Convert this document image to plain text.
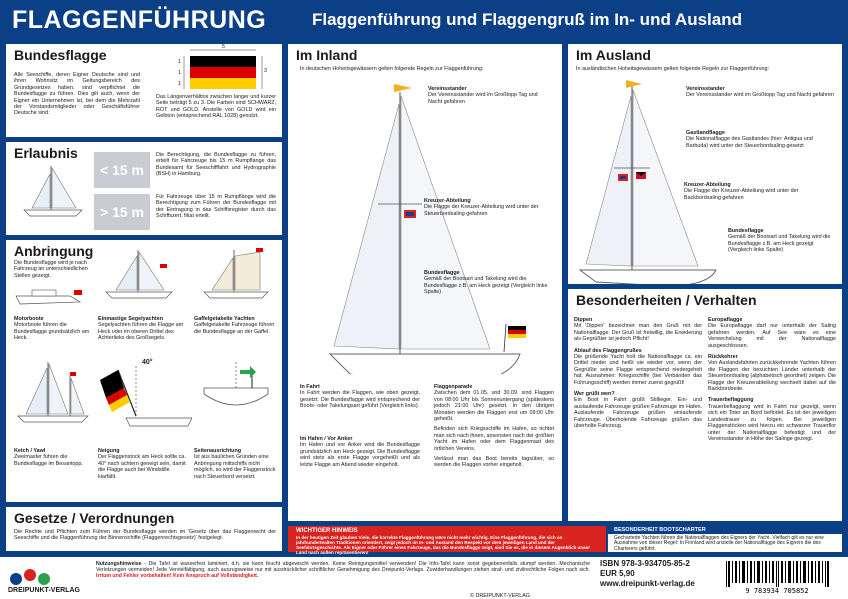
FLAGGENFÜHRUNG	Flaggenführung und Flaggengruß im In- und Ausland
Bundesflagge
Alle Seeschiffe, deren Eigner Deutsche sind und ihren Wohnsitz im Geltungsbereich des Grundgesetzes haben, sind verpflichtet die Bundesflagge zu führen. Dies gilt auch, wenn der Eigner ein Unternehmen ist, bei dem die Mehrzahl der Vorstandsmitglieder oder Geschäftsführer Deutsche sind.
5
3
1
1
1
Das Längenverhältnis zwischen langer und kurzer Seite beträgt 5 zu 3. Die Farben sind SCHWARZ, ROT und GOLD. Anstelle von GOLD wird ein Gelbton (entsprechend RAL 1028) genutzt.
Erlaubnis
< 15 m
> 15 m
Die Berechtigung, die Bundesflagge zu führen, erteilt für Fahrzeuge bis 15 m Rumpflänge das Bundesamt für Seeschifffahrt und Hydrographie (BSH) in Hamburg.
Für Fahrzeuge über 15 m Rumpflänge wird die Berechtigung zum Führen der Bundesflagge mit der Eintragung in das Schiffsregister durch das Schiffszert. fikat erteilt.
Anbringung
Die Bundesflagge wird je nach Fahrzeug an unterschiedlichen Stellen gezeigt.
Motorboote
Motorboote führen die Bundesflagge grundsätzlich am Heck.
Einmastige Segelyachten
Segelyachten führen die Flagge am Heck oder im oberen Drittel des Achterlieks des Großsegels.
Gaffelgetakelte Yachten
Gaffelgetakelte Fahrzeuge führen die Bundesflagge an der Gaffel.
40°
Ketch / Yawl
Zweimaster führen die Bundesflagge im Besantopp.
Neigung
Der Flaggenstock am Heck sollte ca. 40° nach achtern geneigt sein, damit die Flagge auch bei Windstille klarfällt.
Seitenausrichtung
Ist aus baulichen Gründen eine Anbringung mittschiffs nicht möglich, so wird der Flaggenstock nach Steuerbord versetzt.
Gesetze / Verordnungen
Die Rechte und Pflichten zum Führen der Bundesflagge werden im 'Gesetz über das Flaggenrecht der Seeschiffe und die Flaggenführung der Binnenschiffe (Flaggenrechtsgesetz)' festgelegt.
Im Inland
In deutschen Hoheitsgewässern gelten folgende Regeln zur Flaggenführung:
Vereinsstander
Der Vereinsstander wird im Großtopp Tag und Nacht gefahren
Kreuzer-Abteilung
Die Flagge der Kreuzer-Abteilung wird unter der Steuerbordsaling gefahren
Bundesflagge
Gemäß der Bootsart und Takelung wird die Bundesflagge z.B. am Heck gezeigt (Vergleich linke Spalte)
In Fahrt
In Fahrt werden die Flaggen, wie oben gezeigt, gesetzt. Die Bundesflagge wird entsprechend der Boots- oder Takelungsart geführt (Vergleich links).
Im Hafen / Vor Anker
Im Hafen und vor Anker wird die Bundesflagge grundsätzlich am Heck gezeigt. Die Bundesflagge wird stets als erste Flagge vorgeheißt und als letzte Flagge am Abend wieder eingeholt.
Flaggenparade
Zwischen dem 01.05. und 30.09. sind Flaggen von 08:00 Uhr bis Sonnenuntergang (spätestens jedoch 21:00 Uhr) gesetzt. In den übrigen Monaten werden die Flaggen erst um 09:00 Uhr geheißt.
Befinden sich Kriegsschiffe im Hafen, so richtet man sich nach ihnen, ansonsten nach der größten Yacht im Hafen oder dem Flaggenmast des örtlichen Vereins.
Verlässt man das Boot bereits tagsüber, so werden die Flaggen vorher eingeholt.
WICHTIGER HINWEIS
In der heutigen Zeit glauben Viele, die korrekte Flaggenführung wäre nicht mehr wichtig. Eine Flaggenführung, die sich an jahrhundertealten Traditionen orientiert, zeigt jedoch im In- und Ausland den Respekt vor dem jeweiligen Land und der Seefahrtsgeschichte. Als Eigner oder Führer eines Fahrzeugs, das die Bundesflagge zeigt, sind Sie es, die in diesem Augenblick unser Land nach außen repräsentieren!
Im Ausland
In ausländischen Hoheitsgewässern gelten folgende Regeln zur Flaggenführung:
Vereinsstander
Der Vereinsstander wird im Großtopp Tag und Nacht gefahren
Gastlandflagge
Die Nationalflagge des Gastlandes (hier: Antigua und Barbuda) wird unter der Steuerbordsaling gesetzt
Kreuzer-Abteilung
Die Flagge der Kreuzer-Abteilung wird unter der Backbordsaling gefahren
Bundesflagge
Gemäß der Bootsart und Takelung wird die Bundesflagge z.B. am Heck gezeigt (Vergleich linke Spalte)
Besonderheiten / Verhalten
Dippen
Mit 'Dippen' bezeichnet man den Gruß mit der Nationalflagge. Der Gruß ist freiwillig, die Erwiderung als Gegrüßter ist jedoch Pflicht!
Ablauf des Flaggengrußes
Die grüßende Yacht holt die Nationalflagge ca. ein Drittel nieder und heißt sie wieder vor, wenn der Gegrüßte seine Flagge entsprechend niedergeholt hat. Ausnahmen: Kriegsschiffe (bei Verbänden das Führungsschiff) werden immer zuerst gegrüßt!
Wer grüßt wen?
Ein Boot in Fahrt grüßt Stillieger. Ein- und auslaufende Fahrzeuge grüßen Fahrzeuge im Hafen. Auslaufende Fahrzeuge grüßen einlaufende Fahrzeuge. Überholende Fahrzeuge grüßen das überholte Fahrzeug.
Europaflagge
Die Europaflagge darf nur unterhalb der Saling gefahren werden. Auf See wäre es eine Verwechslung mit der Nationalflagge ausgeschlossen.
Rückkehrer
Von Auslandsfahrten zurückkehrende Yachten führen die Flaggen der besuchten Länder unterhalb der Steuerbordsaling (alphabetisch geordnet) zeigen. Die Flagge der Kreuzerabteilung wechselt dabei auf die Backbordseite.
Trauerbeflaggung
Trauerbeflaggung wird in Fahrt nur gezeigt, wenn sich ein Toter an Bord befindet. Es ist der jeweiligen Landestrauer zu folgen. Bei jeweiligen Flaggenstöcken wird hierzu ein schwarzer Trauerflor unter der Nationalflagge befestigt und der Vereinsstander in Höhe der Salinge gezeigt.
BESONDERHEIT BOOTSCHARTER
Gecharterte Yachten führen die Nationalflaggen des Eigners der Yacht. Vielfach gilt es nur eine Ausnahme von dieser Regel: In Finnland wird anstelle der Nationalflagge des Eigners die des Charterers geführt.
DREIPUNKT-VERLAG
Nutzungshinweise - Die Tafel ist wasserfest laminiert, d.h. sie kann feucht abgewischt werden. Keine Reinigungsmittel verwenden! Die Info-Tafel kann sonst gegebenenfalls stumpf werden. Mechanische Verletzungen vermeiden! Jede Vervielfältigung, auch auszugsweise nur mit ausdrücklicher schriftlicher Genehmigung des Dreipunkt-Verlags. Zuwiderhandlungen ziehen straf- und zivilrechtliche Folgen nach sich. Irrtum und Fehler vorbehalten! Kein Anspruch auf Vollständigkeit.
© DREIPUNKT-VERLAG
ISBN 978-3-934705-85-2
EUR 5,90
www.dreipunkt-verlag.de
9 783934 705852
